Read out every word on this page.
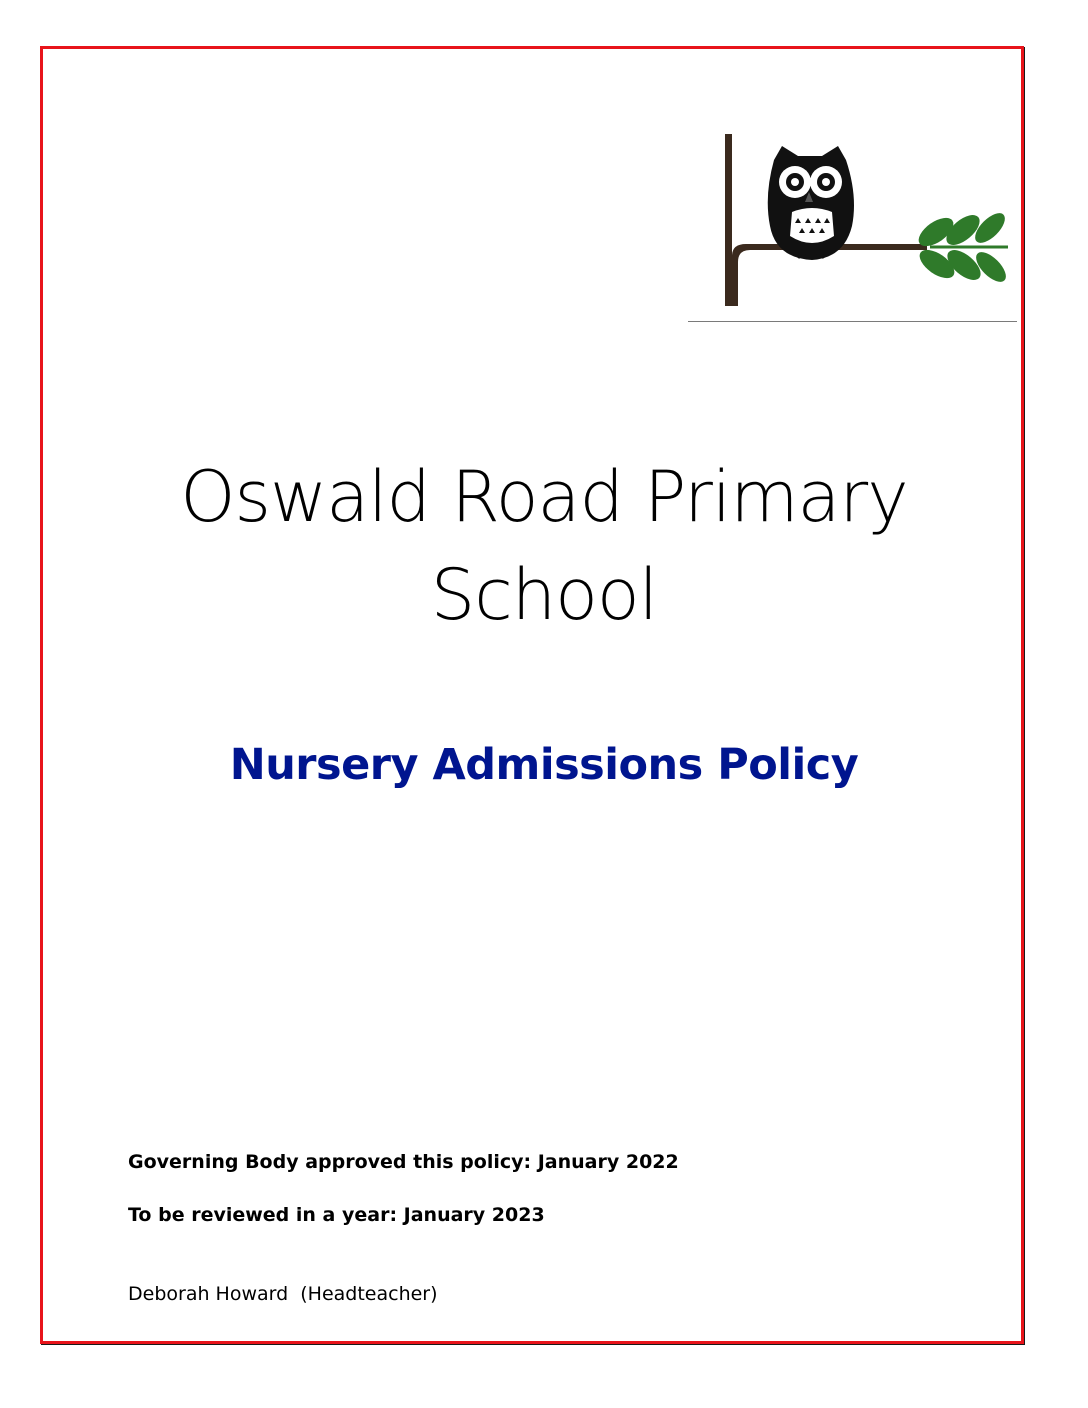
Oswald Road Primary School
Nursery Admissions Policy
Governing Body approved this policy: January 2022
To be reviewed in a year: January 2023
Deborah Howard  (Headteacher)
